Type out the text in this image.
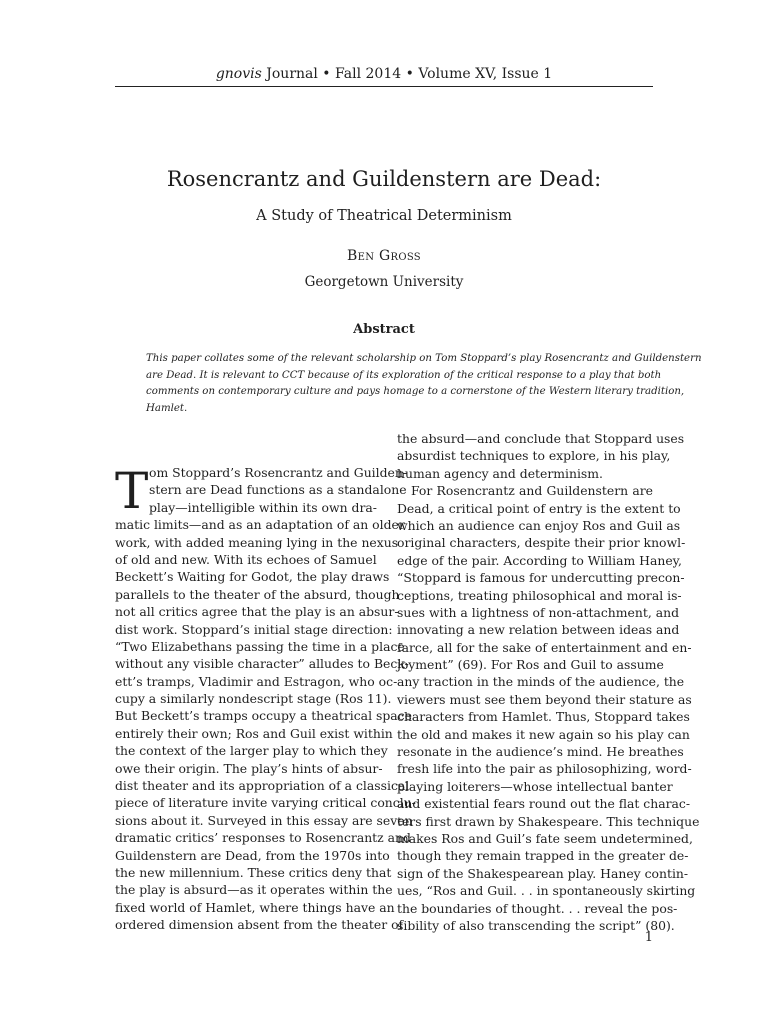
gnovis Journal • Fall 2014 • Volume XV, Issue 1
Rosencrantz and Guildenstern are Dead:
A Study of Theatrical Determinism
Ben Gross
Georgetown University
Abstract
This paper collates some of the relevant scholarship on Tom Stoppard’s play Rosencrantz and Guildenstern
are Dead. It is relevant to CCT because of its exploration of the critical response to a play that both
comments on contemporary culture and pays homage to a cornerstone of the Western literary tradition,
Hamlet.
T om Stoppard’s Rosencrantz and Guilden-
stern are Dead functions as a standalone
play—intelligible within its own dra-
matic limits—and as an adaptation of an older
work, with added meaning lying in the nexus
of old and new. With its echoes of Samuel
Beckett’s Waiting for Godot, the play draws
parallels to the theater of the absurd, though
not all critics agree that the play is an absur-
dist work. Stoppard’s initial stage direction:
“Two Elizabethans passing the time in a place
without any visible character” alludes to Beck-
ett’s tramps, Vladimir and Estragon, who oc-
cupy a similarly nondescript stage (Ros 11).
But Beckett’s tramps occupy a theatrical space
entirely their own; Ros and Guil exist within
the context of the larger play to which they
owe their origin. The play’s hints of absur-
dist theater and its appropriation of a classical
piece of literature invite varying critical conclu-
sions about it. Surveyed in this essay are seven
dramatic critics’ responses to Rosencrantz and
Guildenstern are Dead, from the 1970s into
the new millennium. These critics deny that
the play is absurd—as it operates within the
fixed world of Hamlet, where things have an
ordered dimension absent from the theater of
the absurd—and conclude that Stoppard uses
absurdist techniques to explore, in his play,
human agency and determinism.
For Rosencrantz and Guildenstern are
Dead, a critical point of entry is the extent to
which an audience can enjoy Ros and Guil as
original characters, despite their prior knowl-
edge of the pair. According to William Haney,
“Stoppard is famous for undercutting precon-
ceptions, treating philosophical and moral is-
sues with a lightness of non-attachment, and
innovating a new relation between ideas and
farce, all for the sake of entertainment and en-
joyment” (69). For Ros and Guil to assume
any traction in the minds of the audience, the
viewers must see them beyond their stature as
characters from Hamlet. Thus, Stoppard takes
the old and makes it new again so his play can
resonate in the audience’s mind. He breathes
fresh life into the pair as philosophizing, word-
playing loiterers—whose intellectual banter
and existential fears round out the flat charac-
ters first drawn by Shakespeare. This technique
makes Ros and Guil’s fate seem undetermined,
though they remain trapped in the greater de-
sign of the Shakespearean play. Haney contin-
ues, “Ros and Guil. . . in spontaneously skirting
the boundaries of thought. . . reveal the pos-
sibility of also transcending the script” (80).
1
